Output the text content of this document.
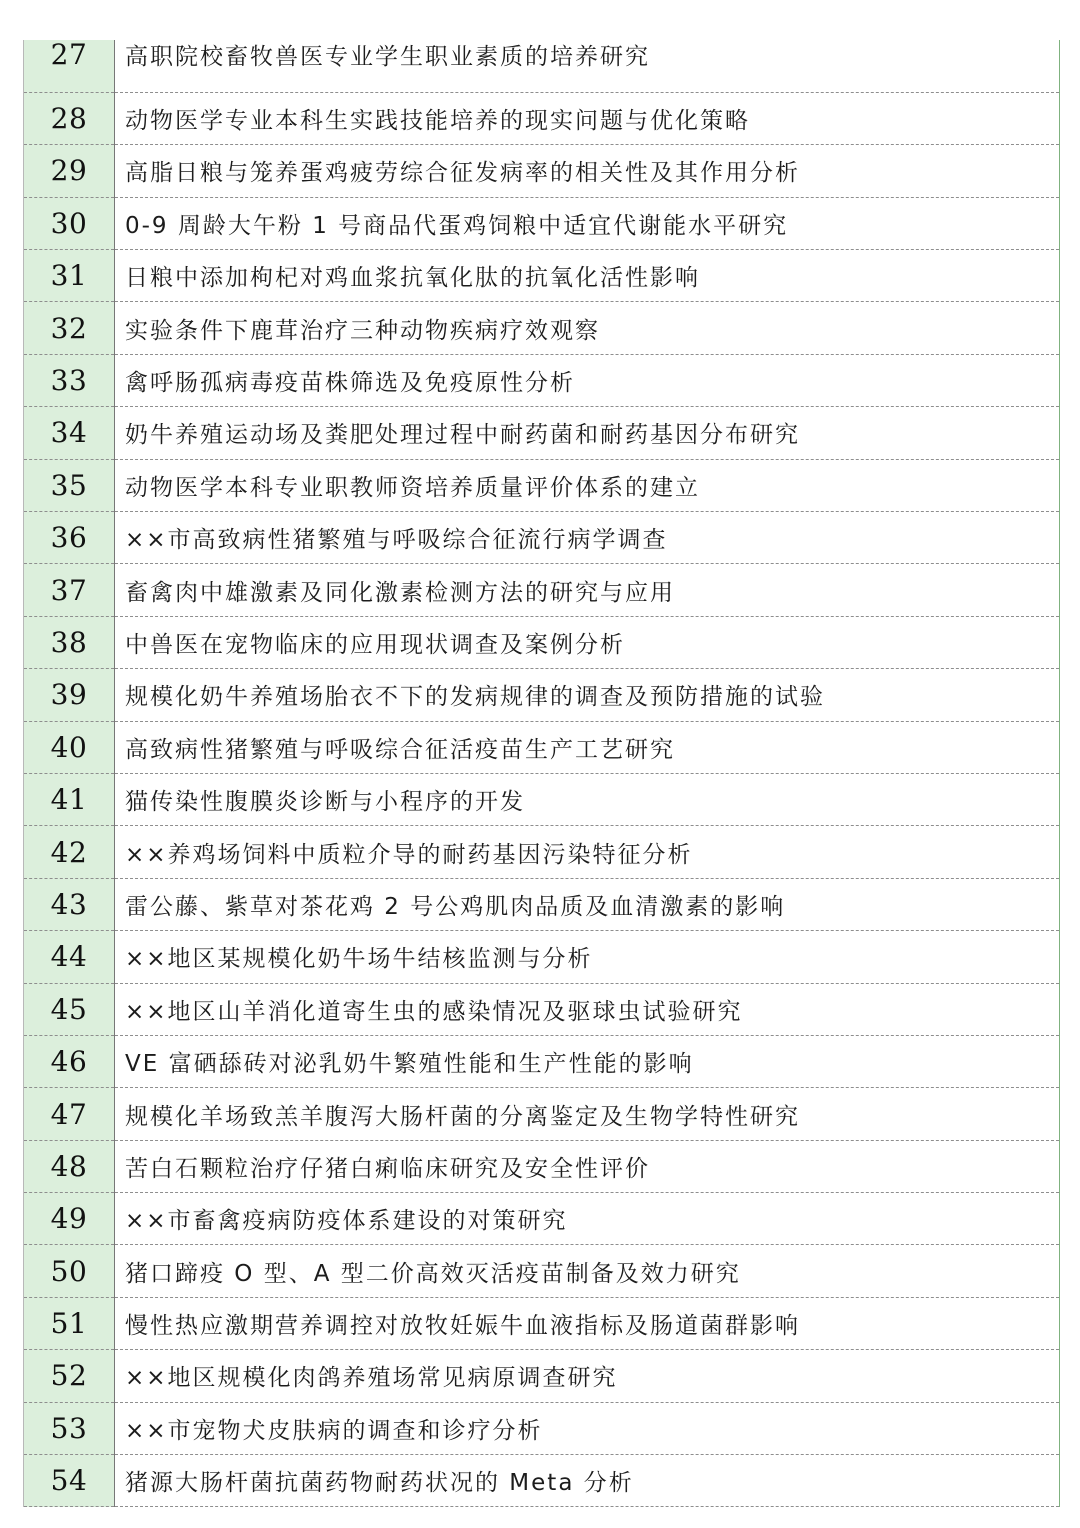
27	高职院校畜牧兽医专业学生职业素质的培养研究
28	动物医学专业本科生实践技能培养的现实问题与优化策略
29	高脂日粮与笼养蛋鸡疲劳综合征发病率的相关性及其作用分析
30	0-9 周龄大午粉 1 号商品代蛋鸡饲粮中适宜代谢能水平研究
31	日粮中添加枸杞对鸡血浆抗氧化肽的抗氧化活性影响
32	实验条件下鹿茸治疗三种动物疾病疗效观察
33	禽呼肠孤病毒疫苗株筛选及免疫原性分析
34	奶牛养殖运动场及粪肥处理过程中耐药菌和耐药基因分布研究
35	动物医学本科专业职教师资培养质量评价体系的建立
36	××市高致病性猪繁殖与呼吸综合征流行病学调查
37	畜禽肉中雄激素及同化激素检测方法的研究与应用
38	中兽医在宠物临床的应用现状调查及案例分析
39	规模化奶牛养殖场胎衣不下的发病规律的调查及预防措施的试验
40	高致病性猪繁殖与呼吸综合征活疫苗生产工艺研究
41	猫传染性腹膜炎诊断与小程序的开发
42	××养鸡场饲料中质粒介导的耐药基因污染特征分析
43	雷公藤、紫草对茶花鸡 2 号公鸡肌肉品质及血清激素的影响
44	××地区某规模化奶牛场牛结核监测与分析
45	××地区山羊消化道寄生虫的感染情况及驱球虫试验研究
46	VE 富硒舔砖对泌乳奶牛繁殖性能和生产性能的影响
47	规模化羊场致羔羊腹泻大肠杆菌的分离鉴定及生物学特性研究
48	苦白石颗粒治疗仔猪白痢临床研究及安全性评价
49	××市畜禽疫病防疫体系建设的对策研究
50	猪口蹄疫 O 型、A 型二价高效灭活疫苗制备及效力研究
51	慢性热应激期营养调控对放牧妊娠牛血液指标及肠道菌群影响
52	××地区规模化肉鸽养殖场常见病原调查研究
53	××市宠物犬皮肤病的调查和诊疗分析
54	猪源大肠杆菌抗菌药物耐药状况的 Meta 分析
